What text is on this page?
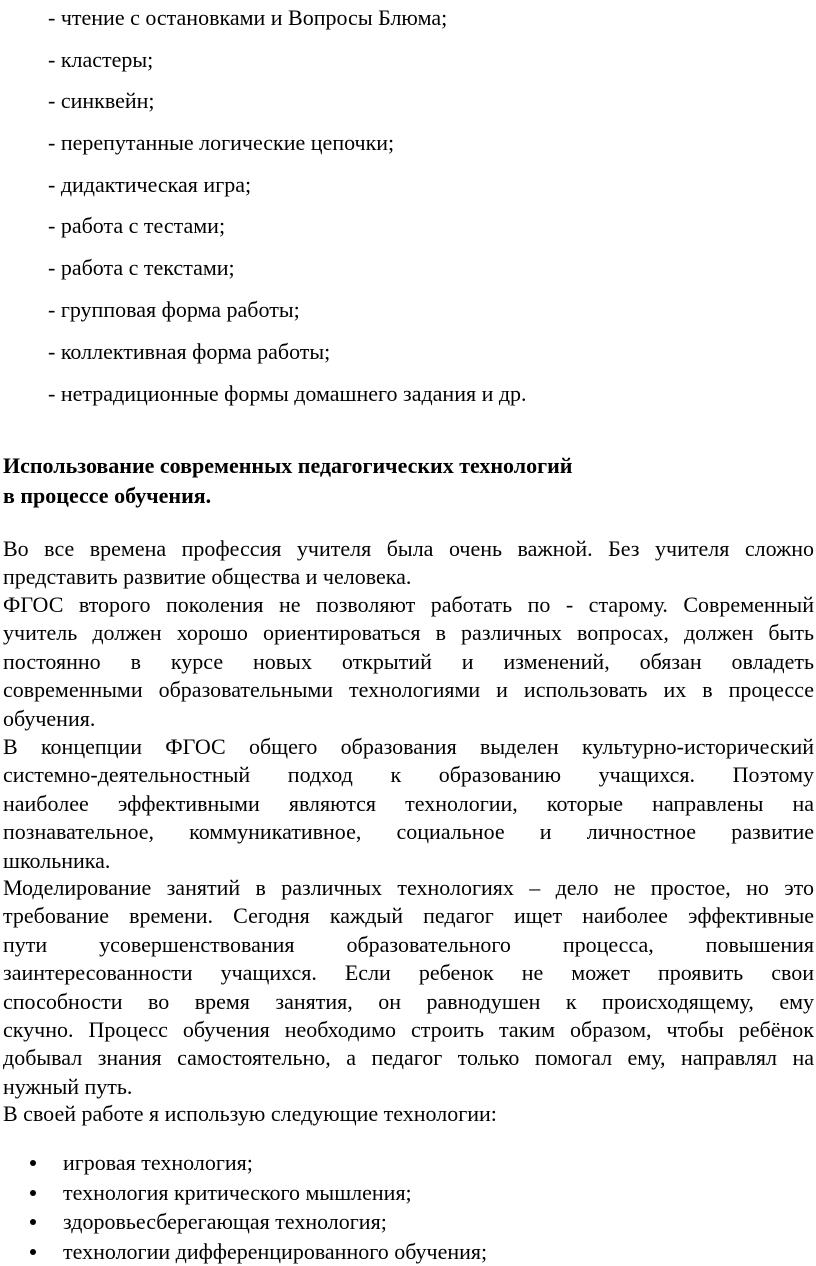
- чтение с остановками и Вопросы Блюма;
- кластеры;
- синквейн;
- перепутанные логические цепочки;
- дидактическая игра;
- работа с тестами;
- работа с текстами;
- групповая форма работы;
- коллективная форма работы;
- нетрадиционные формы домашнего задания и др.
Использование современных педагогических технологий
в процессе обучения.
Во все времена профессия учителя была очень важной. Без учителя сложно
представить развитие общества и человека.
ФГОС второго поколения не позволяют работать по - старому. Современный
учитель должен хорошо ориентироваться в различных вопросах, должен быть
постоянно в курсе новых открытий и изменений, обязан овладеть
современными образовательными технологиями и использовать их в процессе
обучения.
В концепции ФГОС общего образования выделен культурно-исторический
системно-деятельностный подход к образованию учащихся. Поэтому
наиболее эффективными являются технологии, которые направлены на
познавательное, коммуникативное, социальное и личностное развитие
школьника.
Моделирование занятий в различных технологиях – дело не простое, но это
требование времени. Сегодня каждый педагог ищет наиболее эффективные
пути усовершенствования образовательного процесса, повышения
заинтересованности учащихся. Если ребенок не может проявить свои
способности во время занятия, он равнодушен к происходящему, ему
скучно. Процесс обучения необходимо строить таким образом, чтобы ребёнок
добывал знания самостоятельно, а педагог только помогал ему, направлял на
нужный путь.
В своей работе я использую следующие технологии:
игровая технология;
технология критического мышления;
здоровьесберегающая технология;
технологии дифференцированного обучения;
